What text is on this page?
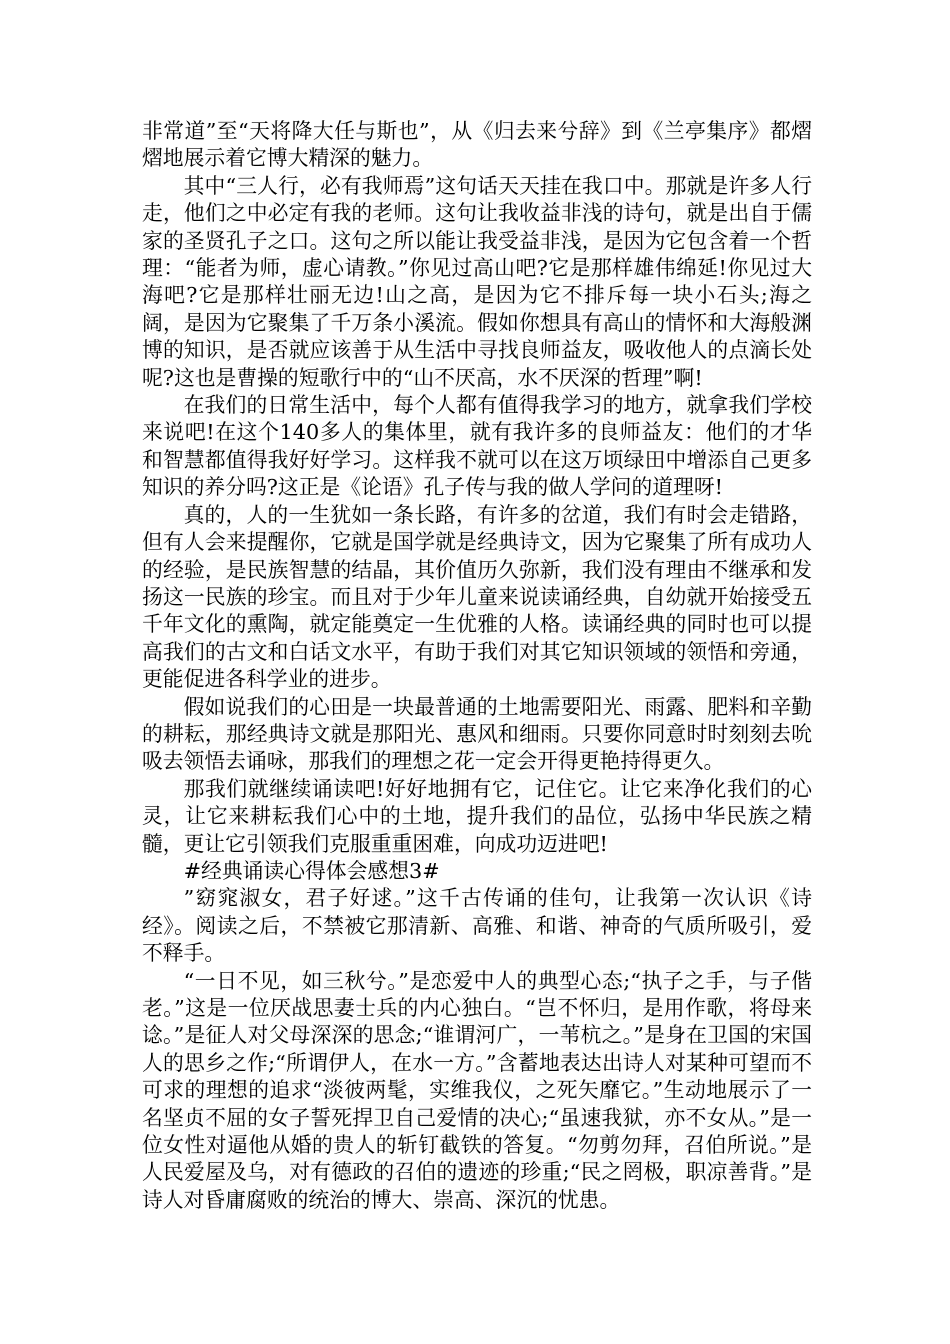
非常道”至“天将降大任与斯也”，从《归去来兮辞》到《兰亭集序》都熠熠地展示着它博大精深的魅力。

其中“三人行，必有我师焉”这句话天天挂在我口中。那就是许多人行走，他们之中必定有我的老师。这句让我收益非浅的诗句，就是出自于儒家的圣贤孔子之口。这句之所以能让我受益非浅，是因为它包含着一个哲理：“能者为师，虚心请教。”你见过高山吧?它是那样雄伟绵延!你见过大海吧?它是那样壮丽无边!山之高，是因为它不排斥每一块小石头;海之阔，是因为它聚集了千万条小溪流。假如你想具有高山的情怀和大海般渊博的知识，是否就应该善于从生活中寻找良师益友，吸收他人的点滴长处呢?这也是曹操的短歌行中的“山不厌高，水不厌深的哲理”啊!

在我们的日常生活中，每个人都有值得我学习的地方，就拿我们学校来说吧!在这个140多人的集体里，就有我许多的良师益友：他们的才华和智慧都值得我好好学习。这样我不就可以在这万顷绿田中增添自己更多知识的养分吗?这正是《论语》孔子传与我的做人学问的道理呀!

真的，人的一生犹如一条长路，有许多的岔道，我们有时会走错路，但有人会来提醒你，它就是国学就是经典诗文，因为它聚集了所有成功人的经验，是民族智慧的结晶，其价值历久弥新，我们没有理由不继承和发扬这一民族的珍宝。而且对于少年儿童来说读诵经典，自幼就开始接受五千年文化的熏陶，就定能奠定一生优雅的人格。读诵经典的同时也可以提高我们的古文和白话文水平，有助于我们对其它知识领域的领悟和旁通，更能促进各科学业的进步。

假如说我们的心田是一块最普通的土地需要阳光、雨露、肥料和辛勤的耕耘，那经典诗文就是那阳光、惠风和细雨。只要你同意时时刻刻去吮吸去领悟去诵咏，那我们的理想之花一定会开得更艳持得更久。

那我们就继续诵读吧!好好地拥有它，记住它。让它来净化我们的心灵，让它来耕耘我们心中的土地，提升我们的品位，弘扬中华民族之精髓，更让它引领我们克服重重困难，向成功迈进吧!

#经典诵读心得体会感想3#

”窈窕淑女，君子好逑。”这千古传诵的佳句，让我第一次认识《诗经》。阅读之后，不禁被它那清新、高雅、和谐、神奇的气质所吸引，爱不释手。

“一日不见，如三秋兮。”是恋爱中人的典型心态;“执子之手，与子偕老。”这是一位厌战思妻士兵的内心独白。“岂不怀归，是用作歌，将母来谂。”是征人对父母深深的思念;“谁谓河广，一苇杭之。”是身在卫国的宋国人的思乡之作;“所谓伊人，在水一方。”含蓄地表达出诗人对某种可望而不可求的理想的追求“淡彼两髦，实维我仪，之死矢靡它。”生动地展示了一名坚贞不屈的女子誓死捍卫自己爱情的决心;“虽速我狱，亦不女从。”是一位女性对逼他从婚的贵人的斩钉截铁的答复。“勿剪勿拜，召伯所说。”是人民爱屋及乌，对有德政的召伯的遗迹的珍重;“民之罔极，职凉善背。”是诗人对昏庸腐败的统治的博大、崇高、深沉的忧患。
